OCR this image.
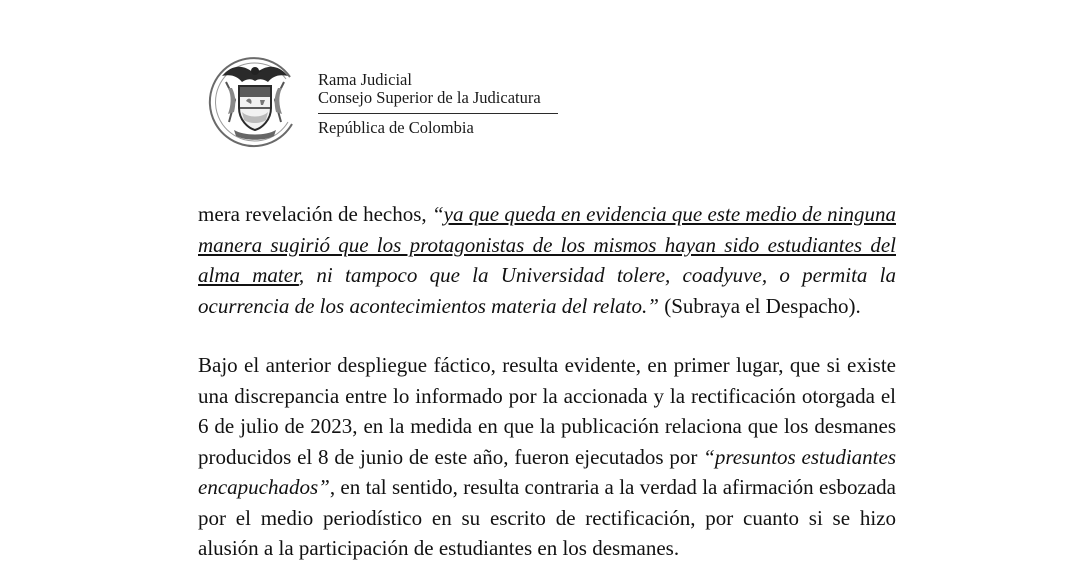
Rama Judicial
Consejo Superior de la Judicatura
República de Colombia

mera revelación de hechos, “ya que queda en evidencia que este medio de ninguna manera sugirió que los protagonistas de los mismos hayan sido estudiantes del alma mater, ni tampoco que la Universidad tolere, coadyuve, o permita la ocurrencia de los acontecimientos materia del relato.” (Subraya el Despacho).

Bajo el anterior despliegue fáctico, resulta evidente, en primer lugar, que si existe una discrepancia entre lo informado por la accionada y la rectificación otorgada el 6 de julio de 2023, en la medida en que la publicación relaciona que los desmanes producidos el 8 de junio de este año, fueron ejecutados por “presuntos estudiantes encapuchados”, en tal sentido, resulta contraria a la verdad la afirmación esbozada por el medio periodístico en su escrito de rectificación, por cuanto si se hizo alusión a la participación de estudiantes en los desmanes.
